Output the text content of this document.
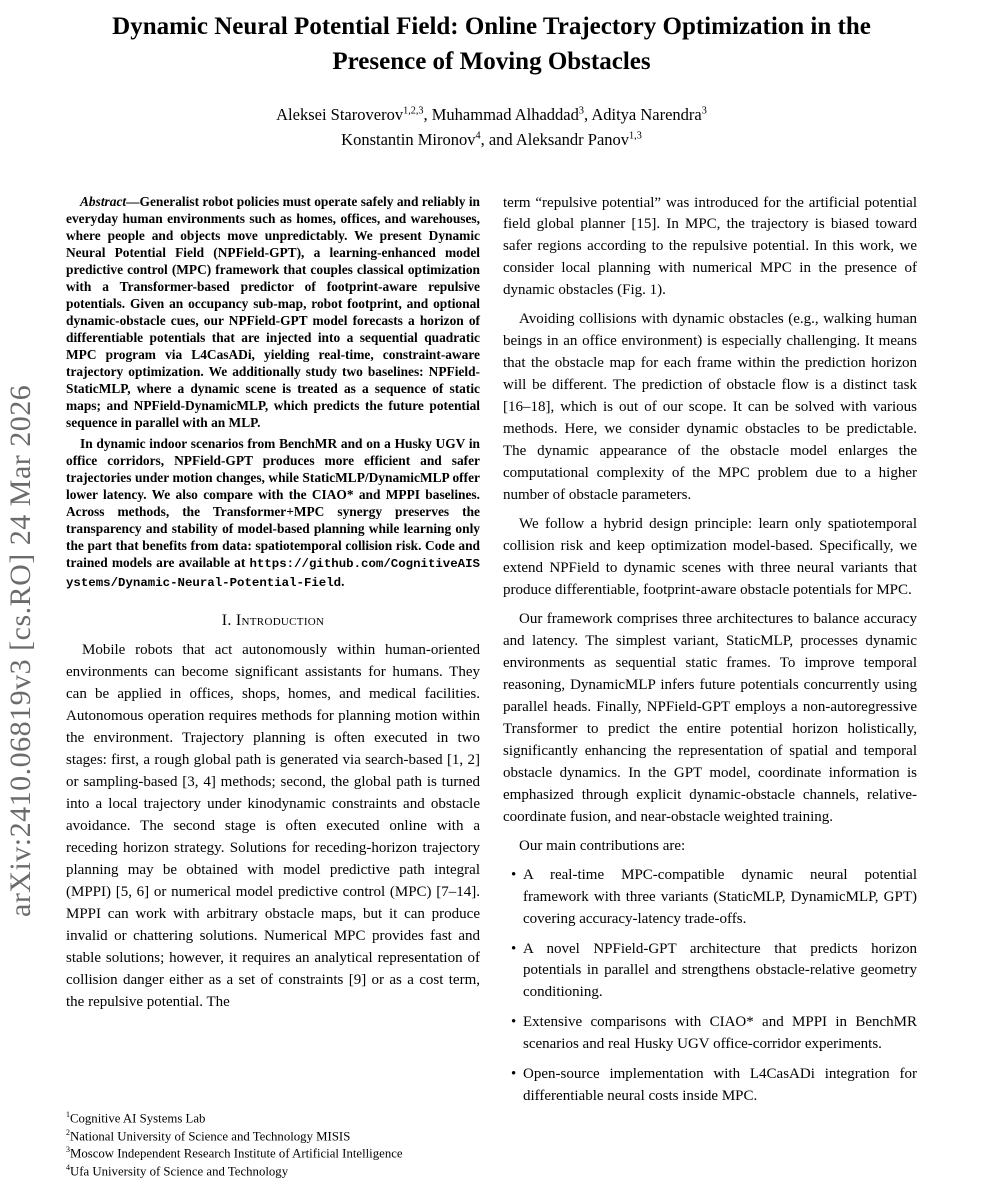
arXiv:2410.06819v3 [cs.RO] 24 Mar 2026
Dynamic Neural Potential Field: Online Trajectory Optimization in the
Presence of Moving Obstacles
Aleksei Staroverov$^{1,2,3}$, Muhammad Alhaddad$^3$, Aditya Narendra$^3$
Konstantin Mironov$^4$, and Aleksandr Panov$^{1,3}$

Abstract—Generalist robot policies must operate safely and reliably in everyday human environments such as homes, offices, and warehouses, where people and objects move unpredictably. We present Dynamic Neural Potential Field (NPField-GPT), a learning-enhanced model predictive control (MPC) framework that couples classical optimization with a Transformer-based predictor of footprint-aware repulsive potentials. Given an occupancy sub-map, robot footprint, and optional dynamic-obstacle cues, our NPField-GPT model forecasts a horizon of differentiable potentials that are injected into a sequential quadratic MPC program via L4CasADi, yielding real-time, constraint-aware trajectory optimization. We additionally study two baselines: NPField-StaticMLP, where a dynamic scene is treated as a sequence of static maps; and NPField-DynamicMLP, which predicts the future potential sequence in parallel with an MLP.

In dynamic indoor scenarios from BenchMR and on a Husky UGV in office corridors, NPField-GPT produces more efficient and safer trajectories under motion changes, while StaticMLP/DynamicMLP offer lower latency. We also compare with the CIAO* and MPPI baselines. Across methods, the Transformer+MPC synergy preserves the transparency and stability of model-based planning while learning only the part that benefits from data: spatiotemporal collision risk. Code and trained models are available at https://github.com/CognitiveAISystems/Dynamic-Neural-Potential-Field.

I. Introduction

Mobile robots that act autonomously within human-oriented environments can become significant assistants for humans. They can be applied in offices, shops, homes, and medical facilities. Autonomous operation requires methods for planning motion within the environment. Trajectory planning is often executed in two stages: first, a rough global path is generated via search-based [1, 2] or sampling-based [3, 4] methods; second, the global path is turned into a local trajectory under kinodynamic constraints and obstacle avoidance. The second stage is often executed online with a receding horizon strategy. Solutions for receding-horizon trajectory planning may be obtained with model predictive path integral (MPPI) [5, 6] or numerical model predictive control (MPC) [7–14]. MPPI can work with arbitrary obstacle maps, but it can produce invalid or chattering solutions. Numerical MPC provides fast and stable solutions; however, it requires an analytical representation of collision danger either as a set of constraints [9] or as a cost term, the repulsive potential. The

$^1$Cognitive AI Systems Lab
$^2$National University of Science and Technology MISIS
$^3$Moscow Independent Research Institute of Artificial Intelligence
$^4$Ufa University of Science and Technology

term “repulsive potential” was introduced for the artificial potential field global planner [15]. In MPC, the trajectory is biased toward safer regions according to the repulsive potential. In this work, we consider local planning with numerical MPC in the presence of dynamic obstacles (Fig. 1).

Avoiding collisions with dynamic obstacles (e.g., walking human beings in an office environment) is especially challenging. It means that the obstacle map for each frame within the prediction horizon will be different. The prediction of obstacle flow is a distinct task [16–18], which is out of our scope. It can be solved with various methods. Here, we consider dynamic obstacles to be predictable. The dynamic appearance of the obstacle model enlarges the computational complexity of the MPC problem due to a higher number of obstacle parameters.

We follow a hybrid design principle: learn only spatiotemporal collision risk and keep optimization model-based. Specifically, we extend NPField to dynamic scenes with three neural variants that produce differentiable, footprint-aware obstacle potentials for MPC.

Our framework comprises three architectures to balance accuracy and latency. The simplest variant, StaticMLP, processes dynamic environments as sequential static frames. To improve temporal reasoning, DynamicMLP infers future potentials concurrently using parallel heads. Finally, NPField-GPT employs a non-autoregressive Transformer to predict the entire potential horizon holistically, significantly enhancing the representation of spatial and temporal obstacle dynamics. In the GPT model, coordinate information is emphasized through explicit dynamic-obstacle channels, relative-coordinate fusion, and near-obstacle weighted training.

Our main contributions are:

•
A real-time MPC-compatible dynamic neural potential framework with three variants (StaticMLP, DynamicMLP, GPT) covering accuracy-latency trade-offs.
•
A novel NPField-GPT architecture that predicts horizon potentials in parallel and strengthens obstacle-relative geometry conditioning.
•
Extensive comparisons with CIAO* and MPPI in BenchMR scenarios and real Husky UGV office-corridor experiments.
•
Open-source implementation with L4CasADi integration for differentiable neural costs inside MPC.
